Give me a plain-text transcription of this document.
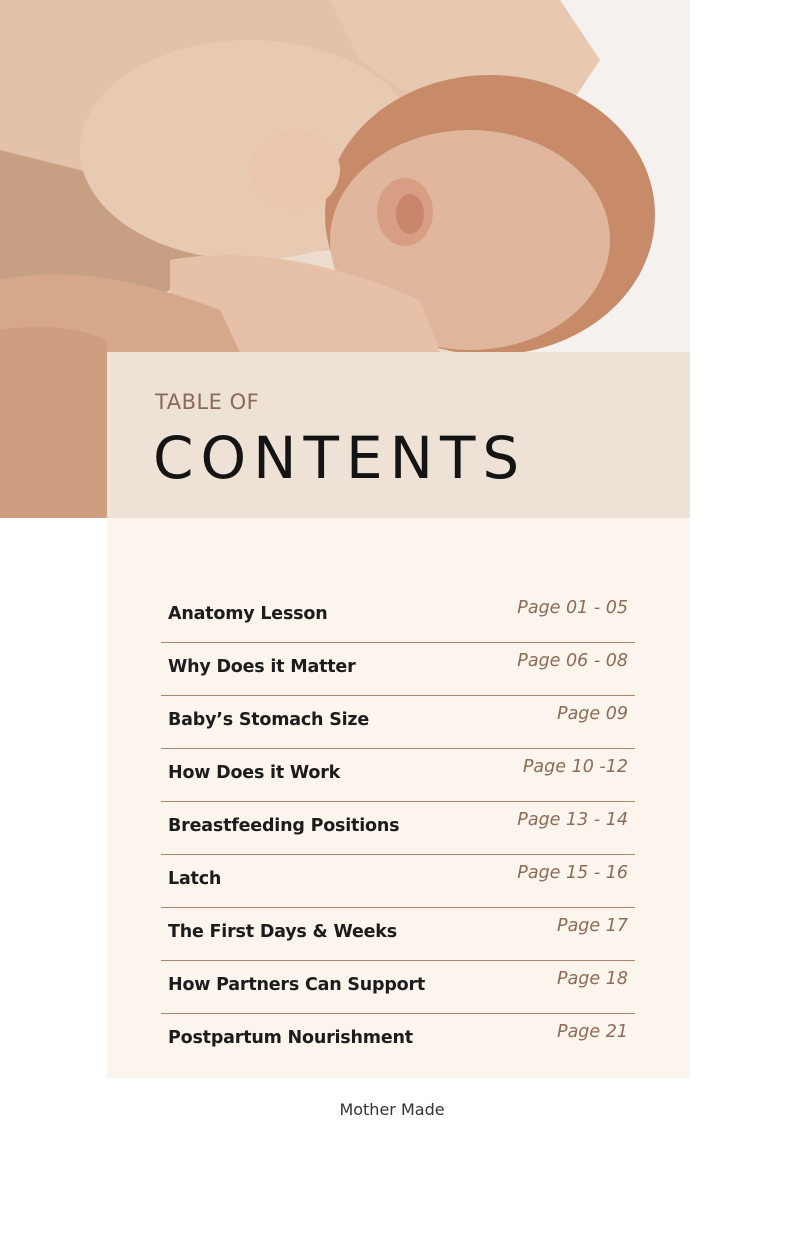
TABLE OF
CONTENTS
Anatomy Lesson	Page 01 - 05
Why Does it Matter	Page 06 - 08
Baby’s Stomach Size	Page 09
How Does it Work	Page 10 -12
Breastfeeding Positions	Page 13 - 14
Latch	Page 15 - 16
The First Days & Weeks	Page 17
How Partners Can Support	Page 18
Postpartum Nourishment	Page 21
Mother Made
